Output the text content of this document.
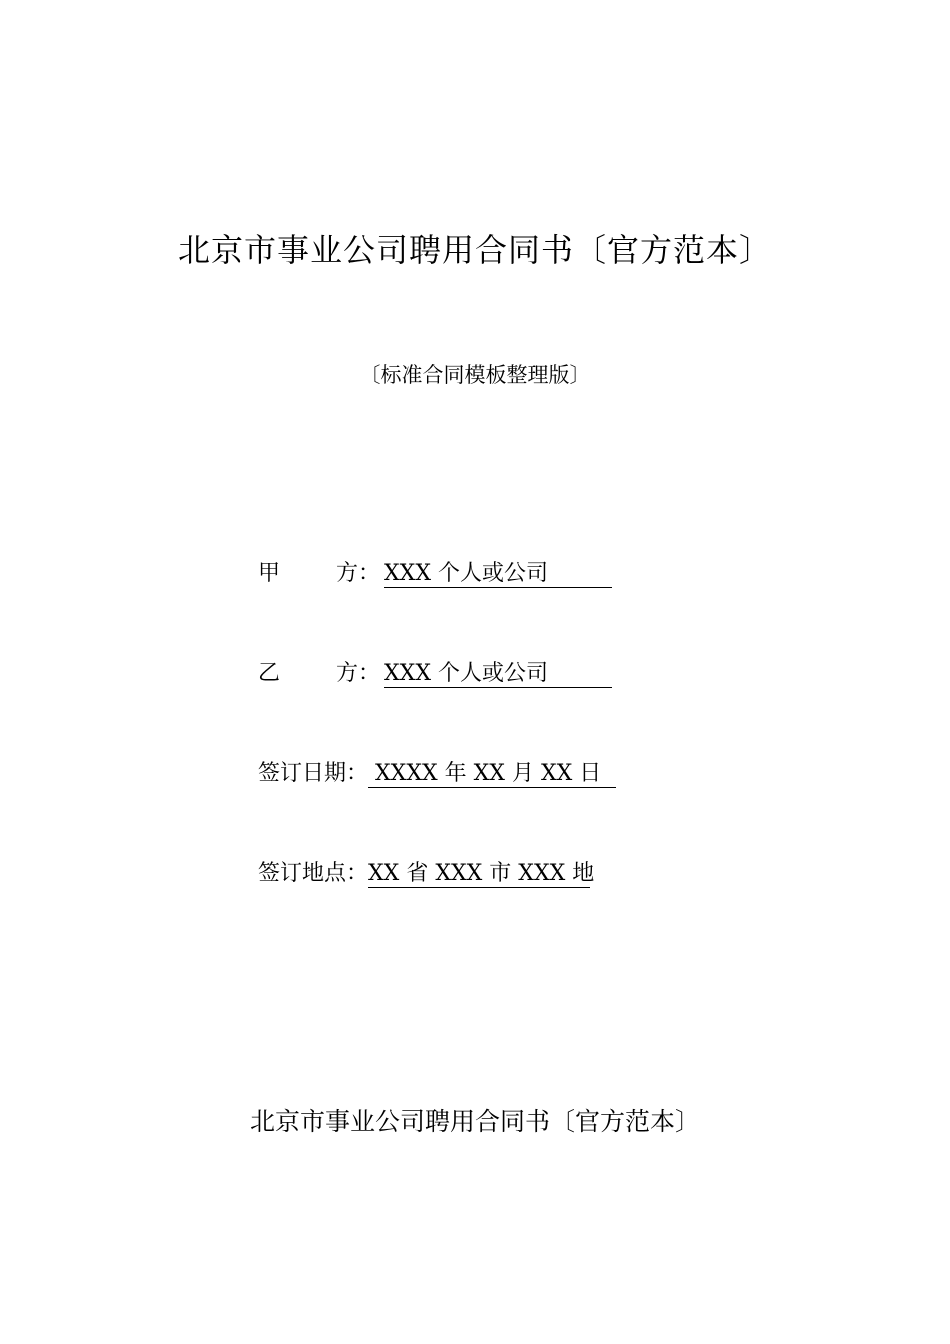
北京市事业公司聘用合同书〔官方范本〕
〔标准合同模板整理版〕
甲	方： XXX 个人或公司
乙	方： XXX 个人或公司
签订日期： XXXX 年 XX 月 XX 日
签订地点：XX 省 XXX 市 XXX 地
北京市事业公司聘用合同书〔官方范本〕
